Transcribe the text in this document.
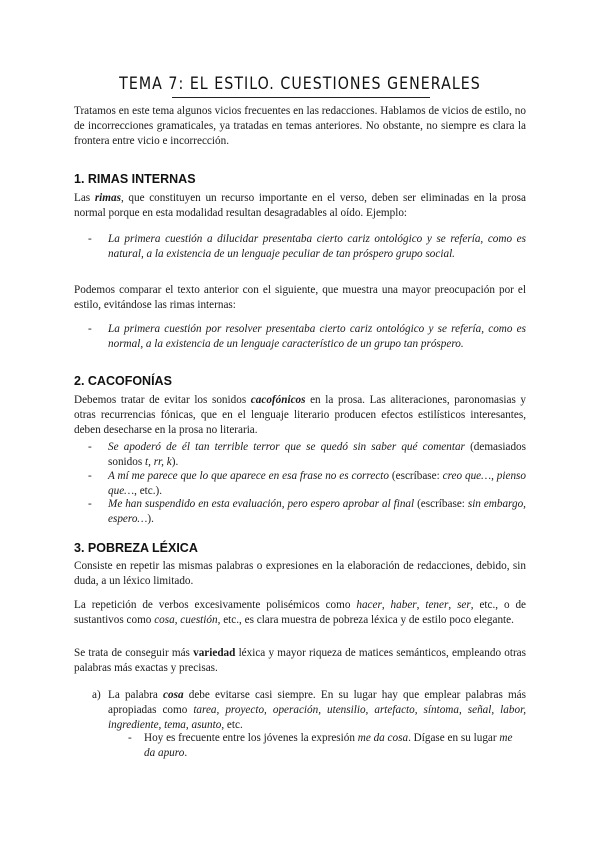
TEMA 7: EL ESTILO. CUESTIONES GENERALES

Tratamos en este tema algunos vicios frecuentes en las redacciones. Hablamos de vicios de estilo, no de incorrecciones gramaticales, ya tratadas en temas anteriores. No obstante, no siempre es clara la frontera entre vicio e incorrección.

1. RIMAS INTERNAS

Las rimas, que constituyen un recurso importante en el verso, deben ser eliminadas en la prosa normal porque en esta modalidad resultan desagradables al oído. Ejemplo:

- La primera cuestión a dilucidar presentaba cierto cariz ontológico y se refería, como es natural, a la existencia de un lenguaje peculiar de tan próspero grupo social.

Podemos comparar el texto anterior con el siguiente, que muestra una mayor preocupación por el estilo, evitándose las rimas internas:

- La primera cuestión por resolver presentaba cierto cariz ontológico y se refería, como es normal, a la existencia de un lenguaje característico de un grupo tan próspero.
2. CACOFONÍAS

Debemos tratar de evitar los sonidos cacofónicos en la prosa. Las aliteraciones, paronomasias y otras recurrencias fónicas, que en el lenguaje literario producen efectos estilísticos interesantes, deben desecharse en la prosa no literaria.

- Se apoderó de él tan terrible terror que se quedó sin saber qué comentar (demasiados sonidos t, rr, k).
- A mí me parece que lo que aparece en esa frase no es correcto (escríbase: creo que…, pienso que…, etc.).
- Me han suspendido en esta evaluación, pero espero aprobar al final (escríbase: sin embargo, espero…).
3. POBREZA LÉXICA

Consiste en repetir las mismas palabras o expresiones en la elaboración de redacciones, debido, sin duda, a un léxico limitado.

La repetición de verbos excesivamente polisémicos como hacer, haber, tener, ser, etc., o de sustantivos como cosa, cuestión, etc., es clara muestra de pobreza léxica y de estilo poco elegante.

Se trata de conseguir más variedad léxica y mayor riqueza de matices semánticos, empleando otras palabras más exactas y precisas.

a) La palabra cosa debe evitarse casi siempre. En su lugar hay que emplear palabras más apropiadas como tarea, proyecto, operación, utensilio, artefacto, síntoma, señal, labor, ingrediente, tema, asunto, etc.
- Hoy es frecuente entre los jóvenes la expresión me da cosa. Dígase en su lugar me da apuro.
